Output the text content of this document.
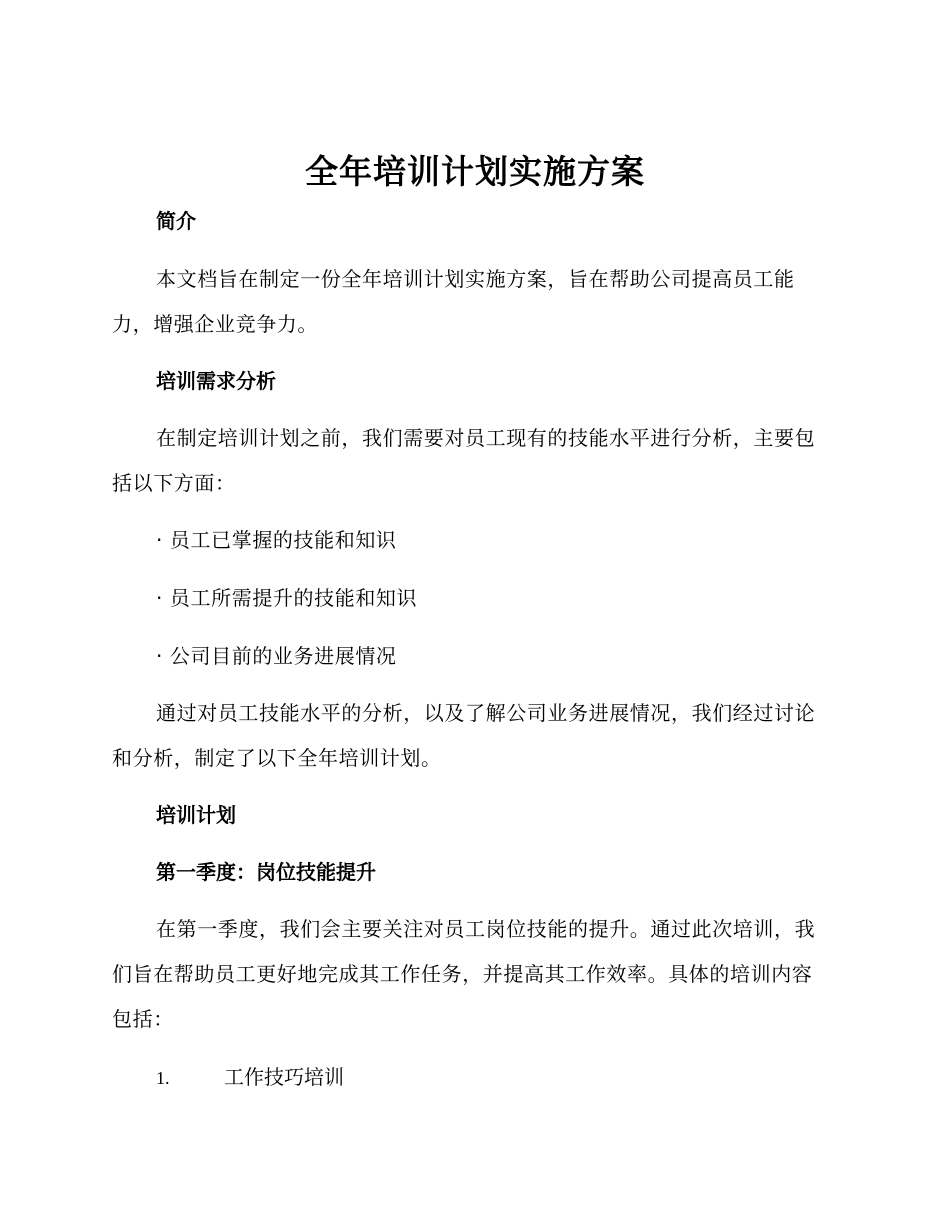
全年培训计划实施方案
简介
本文档旨在制定一份全年培训计划实施方案，旨在帮助公司提高员工能力，增强企业竞争力。
培训需求分析
在制定培训计划之前，我们需要对员工现有的技能水平进行分析，主要包括以下方面：
· 员工已掌握的技能和知识
· 员工所需提升的技能和知识
· 公司目前的业务进展情况
通过对员工技能水平的分析，以及了解公司业务进展情况，我们经过讨论和分析，制定了以下全年培训计划。
培训计划
第一季度：岗位技能提升
在第一季度，我们会主要关注对员工岗位技能的提升。通过此次培训，我们旨在帮助员工更好地完成其工作任务，并提高其工作效率。具体的培训内容包括：
1.	工作技巧培训
